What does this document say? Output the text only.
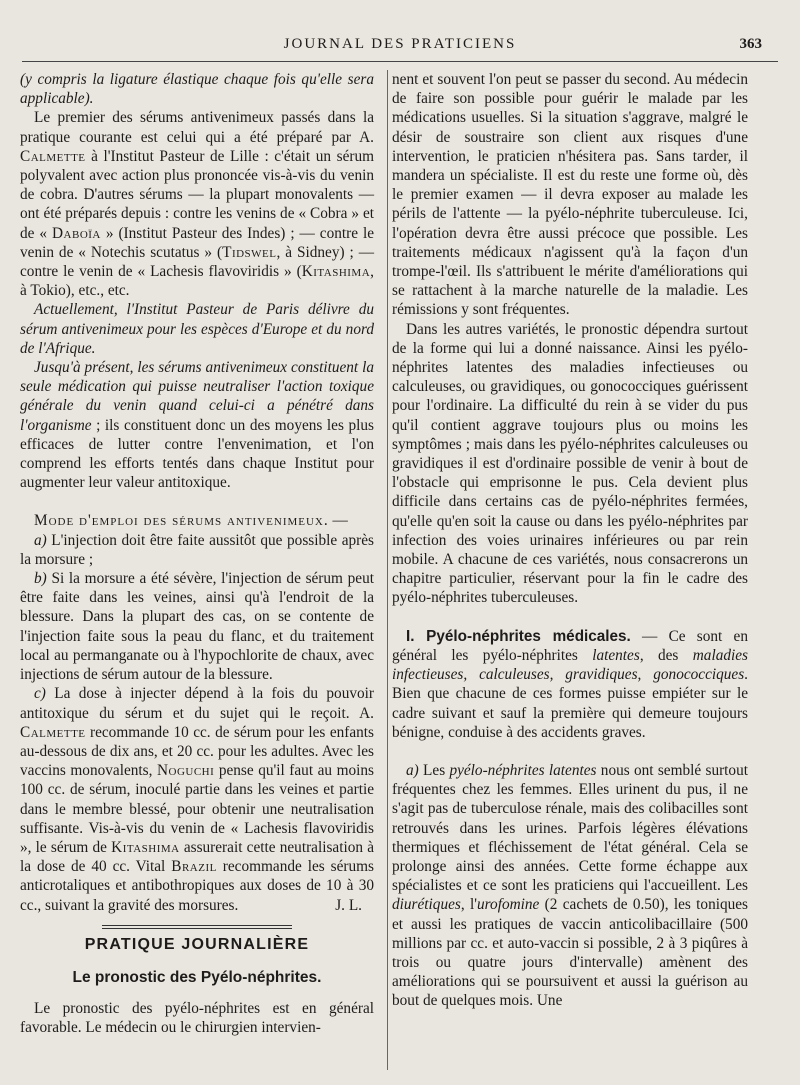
JOURNAL DES PRATICIENS	363

(y compris la ligature élastique chaque fois qu'elle sera applicable).

Le premier des sérums antivenimeux passés dans la pratique courante est celui qui a été préparé par A. Calmette à l'Institut Pasteur de Lille : c'était un sérum polyvalent avec action plus prononcée vis-à-vis du venin de cobra. D'autres sérums — la plupart monovalents — ont été préparés depuis : contre les venins de « Cobra » et de « Daboïa » (Institut Pasteur des Indes) ; — contre le venin de « Notechis scutatus » (Tidswel, à Sidney) ; — contre le venin de « Lachesis flavoviridis » (Kitashima, à Tokio), etc., etc.

Actuellement, l'Institut Pasteur de Paris délivre du sérum antivenimeux pour les espèces d'Europe et du nord de l'Afrique.

Jusqu'à présent, les sérums antivenimeux constituent la seule médication qui puisse neutraliser l'action toxique générale du venin quand celui-ci a pénétré dans l'organisme ; ils constituent donc un des moyens les plus efficaces de lutter contre l'envenimation, et l'on comprend les efforts tentés dans chaque Institut pour augmenter leur valeur antitoxique.

Mode d'emploi des sérums antivenimeux. —

a) L'injection doit être faite aussitôt que possible après la morsure ;

b) Si la morsure a été sévère, l'injection de sérum peut être faite dans les veines, ainsi qu'à l'endroit de la blessure. Dans la plupart des cas, on se contente de l'injection faite sous la peau du flanc, et du traitement local au permanganate ou à l'hypochlorite de chaux, avec injections de sérum autour de la blessure.

c) La dose à injecter dépend à la fois du pouvoir antitoxique du sérum et du sujet qui le reçoit. A. Calmette recommande 10 cc. de sérum pour les enfants au-dessous de dix ans, et 20 cc. pour les adultes. Avec les vaccins monovalents, Noguchi pense qu'il faut au moins 100 cc. de sérum, inoculé partie dans les veines et partie dans le membre blessé, pour obtenir une neutralisation suffisante. Vis-à-vis du venin de « Lachesis flavoviridis », le sérum de Kitashima assurerait cette neutralisation à la dose de 40 cc. Vital Brazil recommande les sérums anticrotaliques et antibothropiques aux doses de 10 à 30 cc., suivant la gravité des morsures.	J. L.

PRATIQUE JOURNALIÈRE
Le pronostic des Pyélo-néphrites.

Le pronostic des pyélo-néphrites est en général favorable. Le médecin ou le chirurgien intervien-

nent et souvent l'on peut se passer du second. Au médecin de faire son possible pour guérir le malade par les médications usuelles. Si la situation s'aggrave, malgré le désir de soustraire son client aux risques d'une intervention, le praticien n'hésitera pas. Sans tarder, il mandera un spécialiste. Il est du reste une forme où, dès le premier examen — il devra exposer au malade les périls de l'attente — la pyélo-néphrite tuberculeuse. Ici, l'opération devra être aussi précoce que possible. Les traitements médicaux n'agissent qu'à la façon d'un trompe-l'œil. Ils s'attribuent le mérite d'améliorations qui se rattachent à la marche naturelle de la maladie. Les rémissions y sont fréquentes.

Dans les autres variétés, le pronostic dépendra surtout de la forme qui lui a donné naissance. Ainsi les pyélo-néphrites latentes des maladies infectieuses ou calculeuses, ou gravidiques, ou gonococciques guérissent pour l'ordinaire. La difficulté du rein à se vider du pus qu'il contient aggrave toujours plus ou moins les symptômes ; mais dans les pyélo-néphrites calculeuses ou gravidiques il est d'ordinaire possible de venir à bout de l'obstacle qui emprisonne le pus. Cela devient plus difficile dans certains cas de pyélo-néphrites fermées, qu'elle qu'en soit la cause ou dans les pyélo-néphrites par infection des voies urinaires inférieures ou par rein mobile. A chacune de ces variétés, nous consacrerons un chapitre particulier, réservant pour la fin le cadre des pyélo-néphrites tuberculeuses.

I. Pyélo-néphrites médicales. — Ce sont en général les pyélo-néphrites latentes, des maladies infectieuses, calculeuses, gravidiques, gonococciques. Bien que chacune de ces formes puisse empiéter sur le cadre suivant et sauf la première qui demeure toujours bénigne, conduise à des accidents graves.

a) Les pyélo-néphrites latentes nous ont semblé surtout fréquentes chez les femmes. Elles urinent du pus, il ne s'agit pas de tuberculose rénale, mais des colibacilles sont retrouvés dans les urines. Parfois légères élévations thermiques et fléchissement de l'état général. Cela se prolonge ainsi des années. Cette forme échappe aux spécialistes et ce sont les praticiens qui l'accueillent. Les diurétiques, l'urofomine (2 cachets de 0.50), les toniques et aussi les pratiques de vaccin anticolibacillaire (500 millions par cc. et auto-vaccin si possible, 2 à 3 piqûres à trois ou quatre jours d'intervalle) amènent des améliorations qui se poursuivent et aussi la guérison au bout de quelques mois. Une
